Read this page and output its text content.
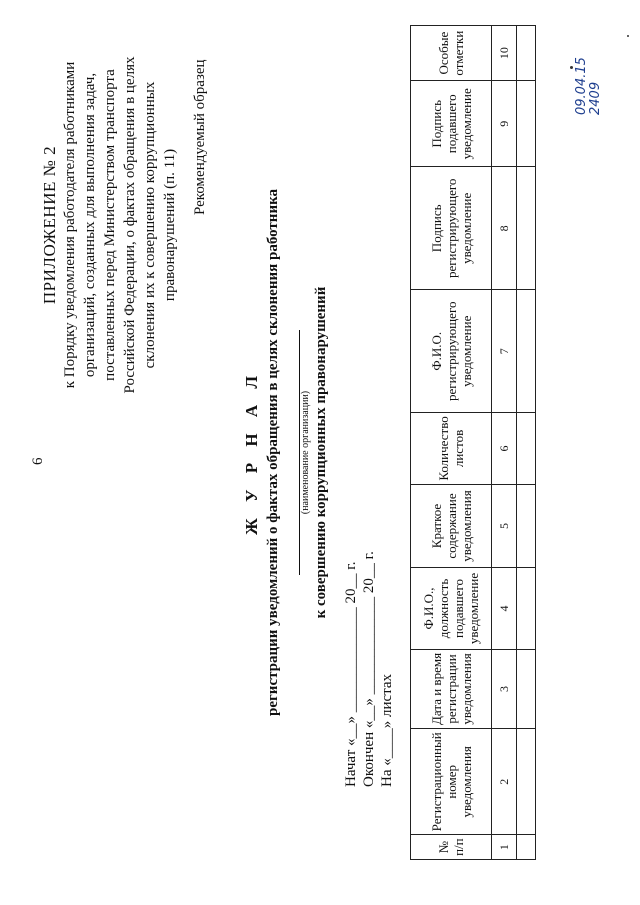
6
ПРИЛОЖЕНИЕ № 2 к Порядку уведомления работодателя работниками организаций, созданных для выполнения задач, поставленных перед Министерством транспорта Российской Федерации, о фактах обращения в целях склонения их к совершению коррупционных правонарушений (п. 11)
Рекомендуемый образец
Ж У Р Н А Л регистрации уведомлений о фактах обращения в целях склонения работника (наименование организации) к совершению коррупционных правонарушений
Начат «__» ______________ 20__ г. Окончен «__» _____________ 20__ г. На «____» листах
№ п/п	Регистрационный номер уведомления	Дата и время регистрации уведомления	Ф.И.О., должность подавшего уведомление	Краткое содержание уведомления	Количество листов	Ф.И.О. регистрирующего уведомление	Подпись регистрирующего уведомление	Подпись подавшего уведомление	Особые отметки
1	2	3	4	5	6	7	8	9	10

09.04.15 2409
